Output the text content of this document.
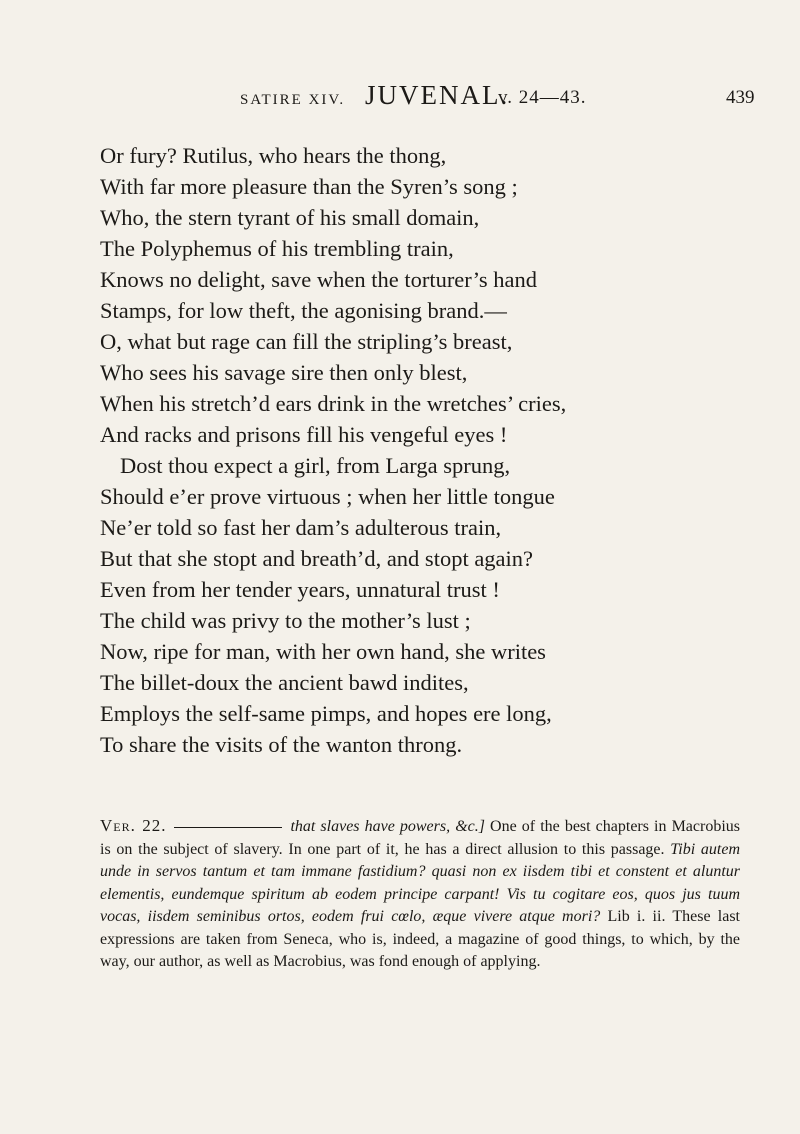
SATIRE XIV. JUVENAL.
v. 24—43.	439
Or fury? Rutilus, who hears the thong,
With far more pleasure than the Syren’s song ;
Who, the stern tyrant of his small domain,
The Polyphemus of his trembling train,
Knows no delight, save when the torturer’s hand
Stamps, for low theft, the agonising brand.—
O, what but rage can fill the stripling’s breast,
Who sees his savage sire then only blest,
When his stretch’d ears drink in the wretches’ cries,
And racks and prisons fill his vengeful eyes !
Dost thou expect a girl, from Larga sprung,
Should e’er prove virtuous ; when her little tongue
Ne’er told so fast her dam’s adulterous train,
But that she stopt and breath’d, and stopt again?
Even from her tender years, unnatural trust !
The child was privy to the mother’s lust ;
Now, ripe for man, with her own hand, she writes
The billet-doux the ancient bawd indites,
Employs the self-same pimps, and hopes ere long,
To share the visits of the wanton throng.
Ver. 22.	that slaves have powers, &c.] One of the best chapters in Macrobius is on the subject of slavery. In one part of it, he has a direct allusion to this passage. Tibi autem unde in servos tantum et tam immane fastidium? quasi non ex iisdem tibi et constent et aluntur elementis, eundemque spiritum ab eodem principe carpant! Vis tu cogitare eos, quos jus tuum vocas, iisdem seminibus ortos, eodem frui cœlo, æque vivere atque mori? Lib i. ii. These last expressions are taken from Seneca, who is, indeed, a magazine of good things, to which, by the way, our author, as well as Macrobius, was fond enough of applying.
